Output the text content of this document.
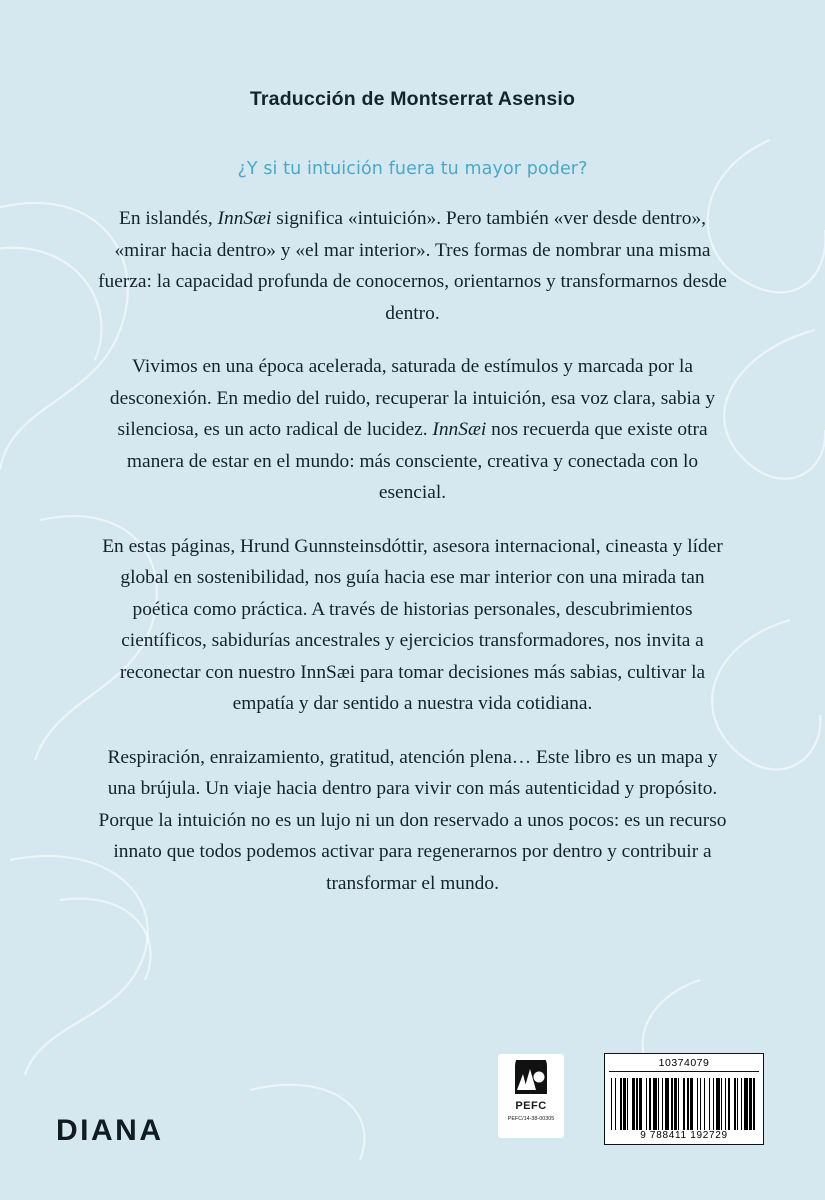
Traducción de Montserrat Asensio
¿Y si tu intuición fuera tu mayor poder?

En islandés, InnSæi significa «intuición». Pero también «ver desde dentro», «mirar hacia dentro» y «el mar interior». Tres formas de nombrar una misma fuerza: la capacidad profunda de conocernos, orientarnos y transformarnos desde dentro.

Vivimos en una época acelerada, saturada de estímulos y marcada por la desconexión. En medio del ruido, recuperar la intuición, esa voz clara, sabia y silenciosa, es un acto radical de lucidez. InnSæi nos recuerda que existe otra manera de estar en el mundo: más consciente, creativa y conectada con lo esencial.

En estas páginas, Hrund Gunnsteinsdóttir, asesora internacional, cineasta y líder global en sostenibilidad, nos guía hacia ese mar interior con una mirada tan poética como práctica. A través de historias personales, descubrimientos científicos, sabidurías ancestrales y ejercicios transformadores, nos invita a reconectar con nuestro InnSæi para tomar decisiones más sabias, cultivar la empatía y dar sentido a nuestra vida cotidiana.

Respiración, enraizamiento, gratitud, atención plena… Este libro es un mapa y una brújula. Un viaje hacia dentro para vivir con más autenticidad y propósito. Porque la intuición no es un lujo ni un don reservado a unos pocos: es un recurso innato que todos podemos activar para regenerarnos por dentro y contribuir a transformar el mundo.

DIANA
PEFC
PEFC/14-38-00305
10374079
9 788411 192729
